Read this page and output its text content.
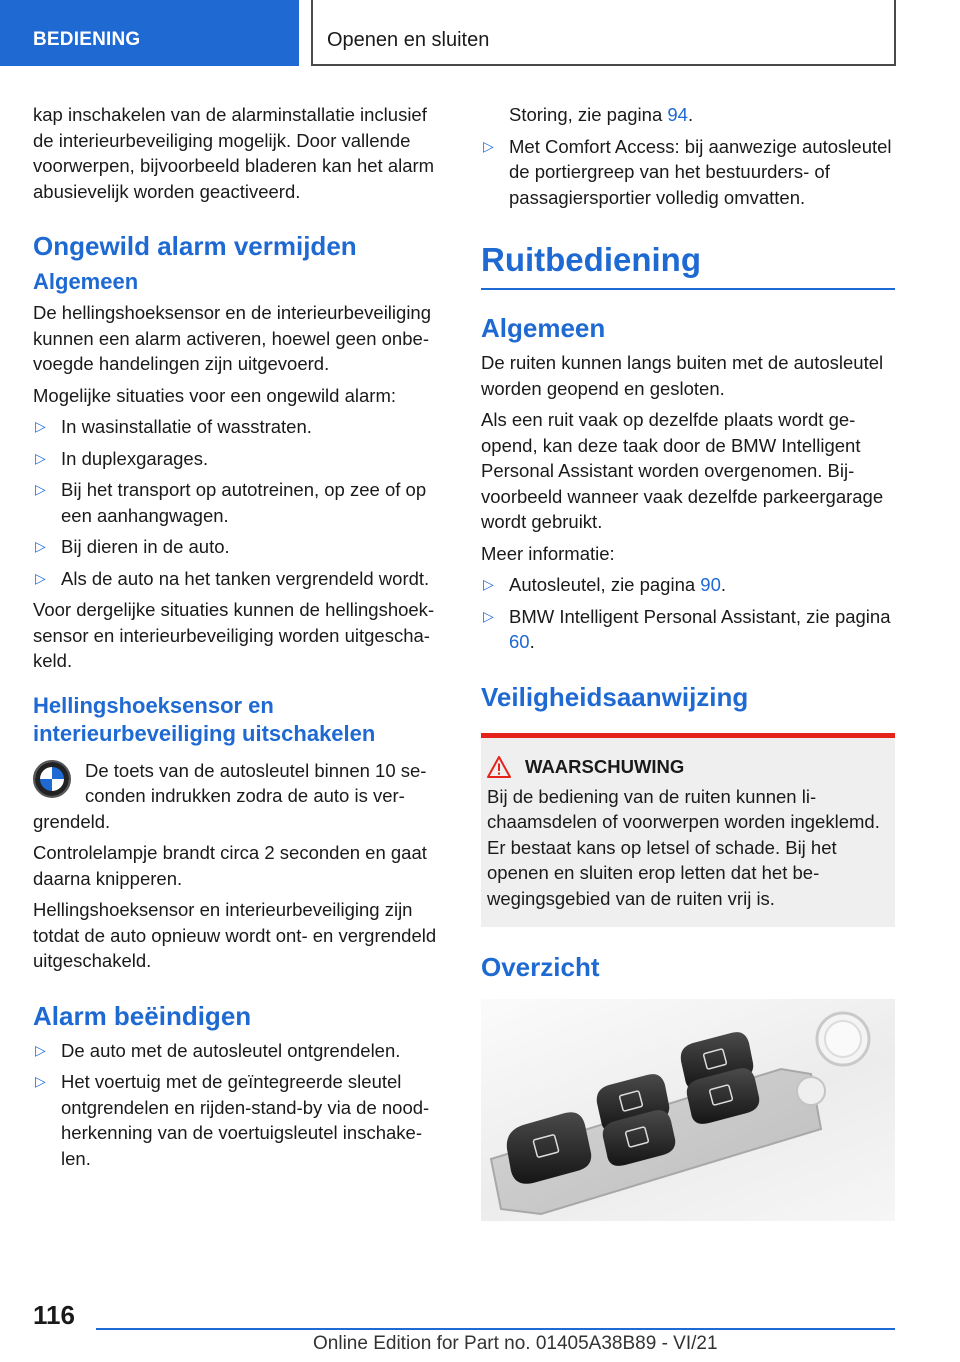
BEDIENING	Openen en sluiten

kap inschakelen van de alarminstallatie inclusief de interieurbeveiliging mogelijk. Door vallende voorwerpen, bijvoorbeeld bladeren kan het alarm abusievelijk worden geactiveerd.

Ongewild alarm vermijden
Algemeen

De hellingshoeksensor en de interieurbeveiliging kunnen een alarm activeren, hoewel geen onbevoegde handelingen zijn uitgevoerd.

Mogelijke situaties voor een ongewild alarm:

▷ In wasinstallatie of wasstraten.
▷ In duplexgarages.
▷ Bij het transport op autotreinen, op zee of op een aanhangwagen.
▷ Bij dieren in de auto.
▷ Als de auto na het tanken vergrendeld wordt.

Voor dergelijke situaties kunnen de hellingshoeksensor en interieurbeveiliging worden uitgeschakeld.

Hellingshoeksensor en interieurbeveiliging uitschakelen

De toets van de autosleutel binnen 10 seconden indrukken zodra de auto is vergrendeld.

Controlelampje brandt circa 2 seconden en gaat daarna knipperen.

Hellingshoeksensor en interieurbeveiliging zijn totdat de auto opnieuw wordt ont- en vergrendeld uitgeschakeld.

Alarm beëindigen
▷ De auto met de autosleutel ontgrendelen.
▷ Het voertuig met de geïntegreerde sleutel ontgrendelen en rijden-stand-by via de noodherkenning van de voertuigsleutel inschakelen.

Storing, zie pagina 94.

▷ Met Comfort Access: bij aanwezige autosleutel de portiergreep van het bestuurders- of passagiersportier volledig omvatten.
Ruitbediening
Algemeen

De ruiten kunnen langs buiten met de autosleutel worden geopend en gesloten.

Als een ruit vaak op dezelfde plaats wordt geopend, kan deze taak door de BMW Intelligent Personal Assistant worden overgenomen. Bijvoorbeeld wanneer vaak dezelfde parkeergarage wordt gebruikt.

Meer informatie:

▷ Autosleutel, zie pagina 90.
▷ BMW Intelligent Personal Assistant, zie pagina 60.
Veiligheidsaanwijzing
WAARSCHUWING

Bij de bediening van de ruiten kunnen lichaamsdelen of voorwerpen worden ingeklemd. Er bestaat kans op letsel of schade. Bij het openen en sluiten erop letten dat het bewegingsgebied van de ruiten vrij is.

Overzicht
116
Online Edition for Part no. 01405A38B89 - VI/21
